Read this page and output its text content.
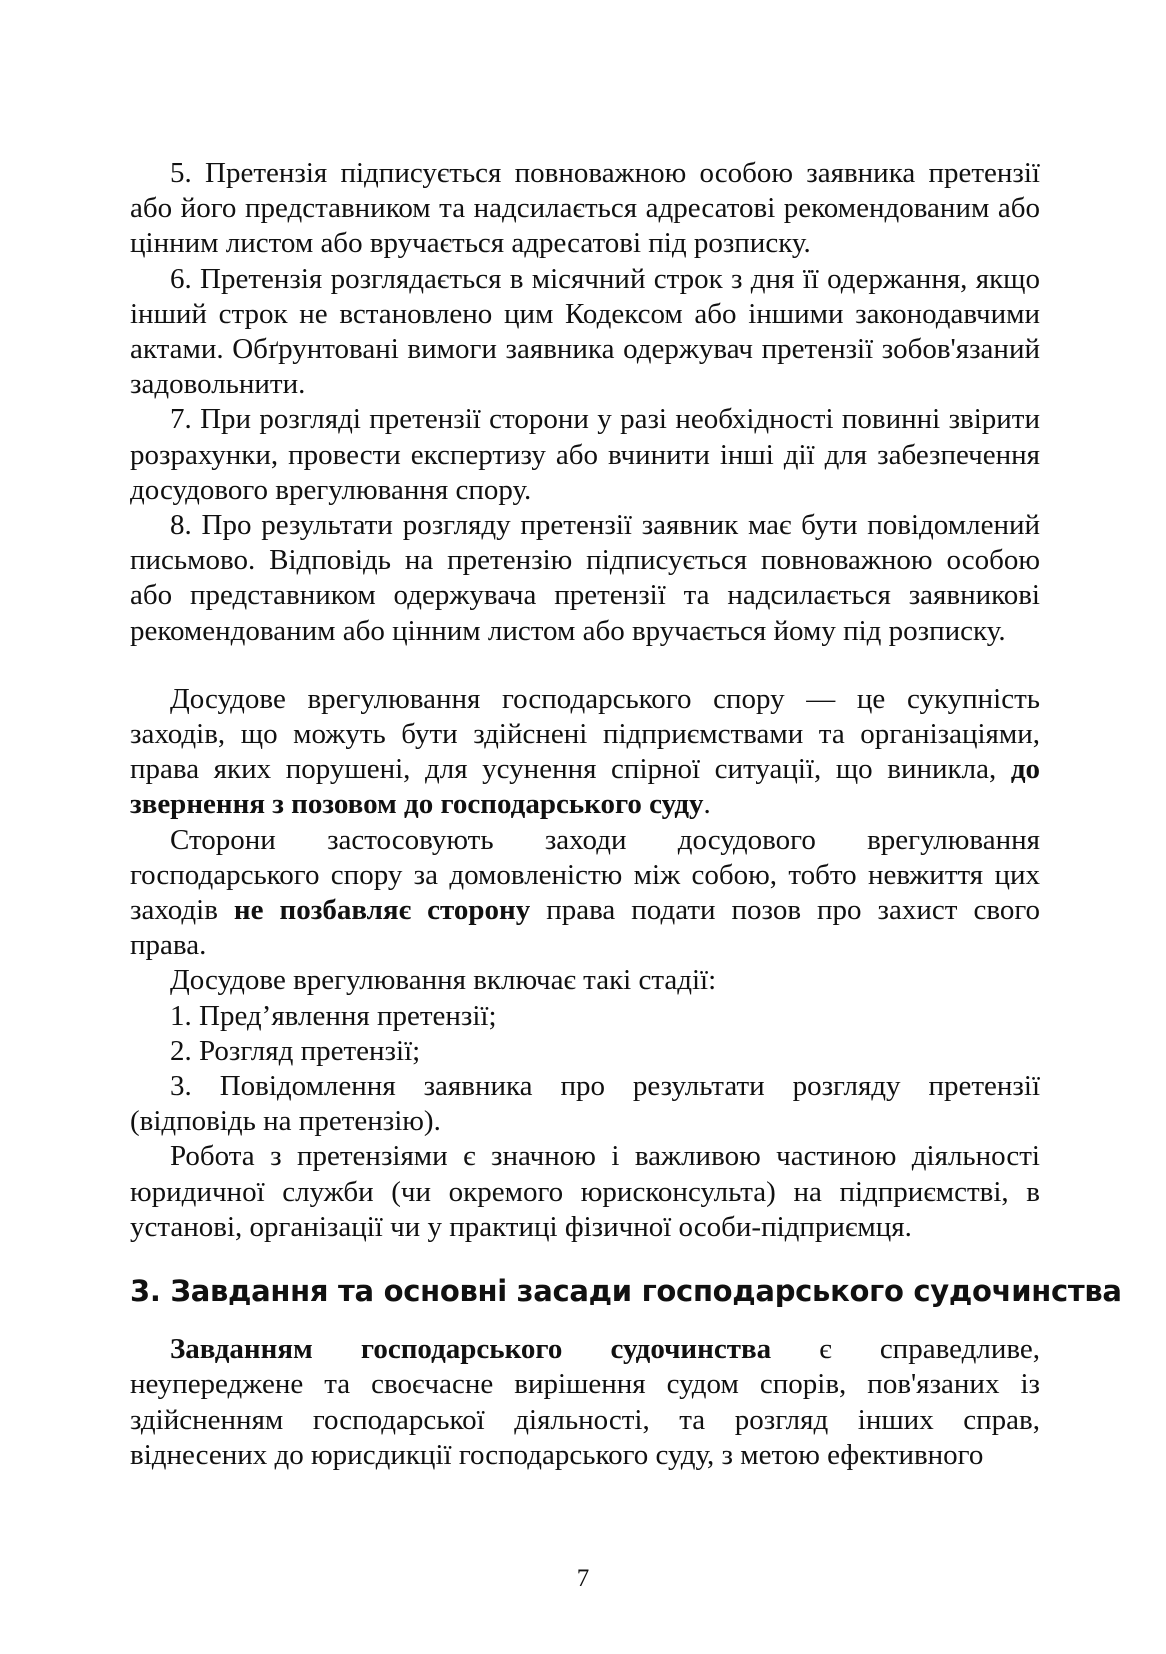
5. Претензія підписується повноважною особою заявника претензії або його представником та надсилається адресатові рекомендованим або цінним листом або вручається адресатові під розписку.

6. Претензія розглядається в місячний строк з дня її одержання, якщо інший строк не встановлено цим Кодексом або іншими законодавчими актами. Обґрунтовані вимоги заявника одержувач претензії зобов'язаний задовольнити.

7. При розгляді претензії сторони у разі необхідності повинні звірити розрахунки, провести експертизу або вчинити інші дії для забезпечення досудового врегулювання спору.

8. Про результати розгляду претензії заявник має бути повідомлений письмово. Відповідь на претензію підписується повноважною особою або представником одержувача претензії та надсилається заявникові рекомендованим або цінним листом або вручається йому під розписку.

Досудове врегулювання господарського спору — це сукупність заходів, що можуть бути здійснені підприємствами та організаціями, права яких порушені, для усунення спірної ситуації, що виникла, до звернення з позовом до господарського суду.

Сторони застосовують заходи досудового врегулювання господарського спору за домовленістю між собою, тобто невжиття цих заходів не позбавляє сторону права подати позов про захист свого права.

Досудове врегулювання включає такі стадії:

1. Пред’явлення претензії;

2. Розгляд претензії;

3. Повідомлення заявника про результати розгляду претензії (відповідь на претензію).

Робота з претензіями є значною і важливою частиною діяльності юридичної служби (чи окремого юрисконсульта) на підприємстві, в установі, організації чи у практиці фізичної особи-підприємця.

3. Завдання та основні засади господарського судочинства

Завданням господарського судочинства є справедливе, неупереджене та своєчасне вирішення судом спорів, пов'язаних із здійсненням господарської діяльності, та розгляд інших справ, віднесених до юрисдикції господарського суду, з метою ефективного

7
